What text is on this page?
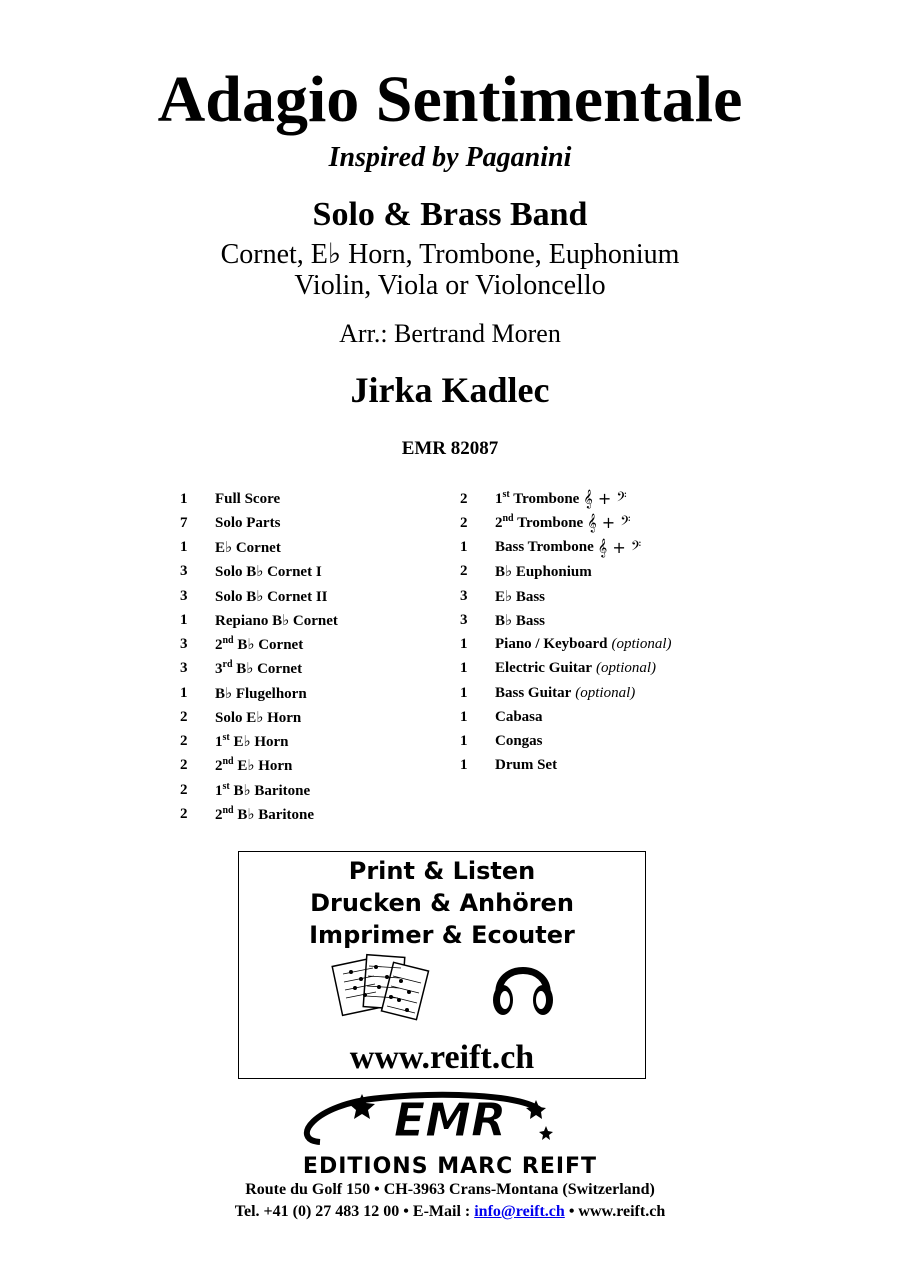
Adagio Sentimentale
Inspired by Paganini
Solo & Brass Band
Cornet, E♭ Horn, Trombone, Euphonium
Violin, Viola or Violoncello
Arr.: Bertrand Moren
Jirka Kadlec
EMR 82087
1	Full Score
7	Solo Parts
1	E♭ Cornet
3	Solo B♭ Cornet I
3	Solo B♭ Cornet II
1	Repiano B♭ Cornet
3	2nd B♭ Cornet
3	3rd B♭ Cornet
1	B♭ Flugelhorn
2	Solo E♭ Horn
2	1st E♭ Horn
2	2nd E♭ Horn
2	1st B♭ Baritone
2	2nd B♭ Baritone
2	1st Trombone 𝄞 + 𝄢
2	2nd Trombone 𝄞 + 𝄢
1	Bass Trombone 𝄞 + 𝄢
2	B♭ Euphonium
3	E♭ Bass
3	B♭ Bass
1	Piano / Keyboard (optional)
1	Electric Guitar (optional)
1	Bass Guitar (optional)
1	Cabasa
1	Congas
1	Drum Set
Print & Listen
Drucken & Anhören
Imprimer & Ecouter
www.reift.ch
EMR
EDITIONS MARC REIFT
Route du Golf 150 • CH-3963 Crans-Montana (Switzerland)
Tel. +41 (0) 27 483 12 00 • E-Mail : info@reift.ch • www.reift.ch
